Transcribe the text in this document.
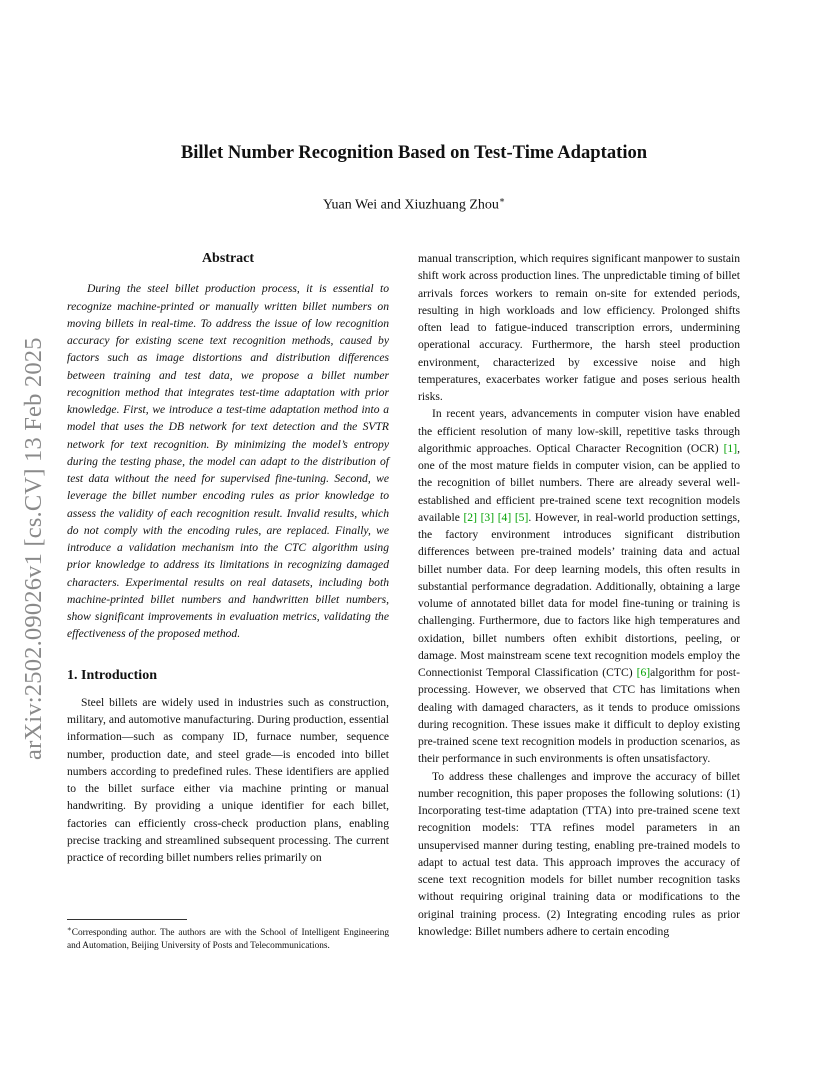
arXiv:2502.09026v1 [cs.CV] 13 Feb 2025
Billet Number Recognition Based on Test-Time Adaptation
Yuan Wei and Xiuzhuang Zhou∗
Abstract

During the steel billet production process, it is essential to recognize machine-printed or manually written billet numbers on moving billets in real-time. To address the issue of low recognition accuracy for existing scene text recognition methods, caused by factors such as image distortions and distribution differences between training and test data, we propose a billet number recognition method that integrates test-time adaptation with prior knowledge. First, we introduce a test-time adaptation method into a model that uses the DB network for text detection and the SVTR network for text recognition. By minimizing the model’s entropy during the testing phase, the model can adapt to the distribution of test data without the need for supervised fine-tuning. Second, we leverage the billet number encoding rules as prior knowledge to assess the validity of each recognition result. Invalid results, which do not comply with the encoding rules, are replaced. Finally, we introduce a validation mechanism into the CTC algorithm using prior knowledge to address its limitations in recognizing damaged characters. Experimental results on real datasets, including both machine-printed billet numbers and handwritten billet numbers, show significant improvements in evaluation metrics, validating the effectiveness of the proposed method.

1. Introduction

Steel billets are widely used in industries such as construction, military, and automotive manufacturing. During production, essential information—such as company ID, furnace number, sequence number, production date, and steel grade—is encoded into billet numbers according to predefined rules. These identifiers are applied to the billet surface either via machine printing or manual handwriting. By providing a unique identifier for each billet, factories can efficiently cross-check production plans, enabling precise tracking and streamlined subsequent processing. The current practice of recording billet numbers relies primarily on

manual transcription, which requires significant manpower to sustain shift work across production lines. The unpredictable timing of billet arrivals forces workers to remain on-site for extended periods, resulting in high workloads and low efficiency. Prolonged shifts often lead to fatigue-induced transcription errors, undermining operational accuracy. Furthermore, the harsh steel production environment, characterized by excessive noise and high temperatures, exacerbates worker fatigue and poses serious health risks.

In recent years, advancements in computer vision have enabled the efficient resolution of many low-skill, repetitive tasks through algorithmic approaches. Optical Character Recognition (OCR) [1], one of the most mature fields in computer vision, can be applied to the recognition of billet numbers. There are already several well-established and efficient pre-trained scene text recognition models available [2] [3] [4] [5]. However, in real-world production settings, the factory environment introduces significant distribution differences between pre-trained models’ training data and actual billet number data. For deep learning models, this often results in substantial performance degradation. Additionally, obtaining a large volume of annotated billet data for model fine-tuning or training is challenging. Furthermore, due to factors like high temperatures and oxidation, billet numbers often exhibit distortions, peeling, or damage. Most mainstream scene text recognition models employ the Connectionist Temporal Classification (CTC) [6]algorithm for post-processing. However, we observed that CTC has limitations when dealing with damaged characters, as it tends to produce omissions during recognition. These issues make it difficult to deploy existing pre-trained scene text recognition models in production scenarios, as their performance in such environments is often unsatisfactory.

To address these challenges and improve the accuracy of billet number recognition, this paper proposes the following solutions: (1) Incorporating test-time adaptation (TTA) into pre-trained scene text recognition models: TTA refines model parameters in an unsupervised manner during testing, enabling pre-trained models to adapt to actual test data. This approach improves the accuracy of scene text recognition models for billet number recognition tasks without requiring original training data or modifications to the original training process. (2) Integrating encoding rules as prior knowledge: Billet numbers adhere to certain encoding

∗Corresponding author. The authors are with the School of Intelligent Engineering and Automation, Beijing University of Posts and Telecommunications.
